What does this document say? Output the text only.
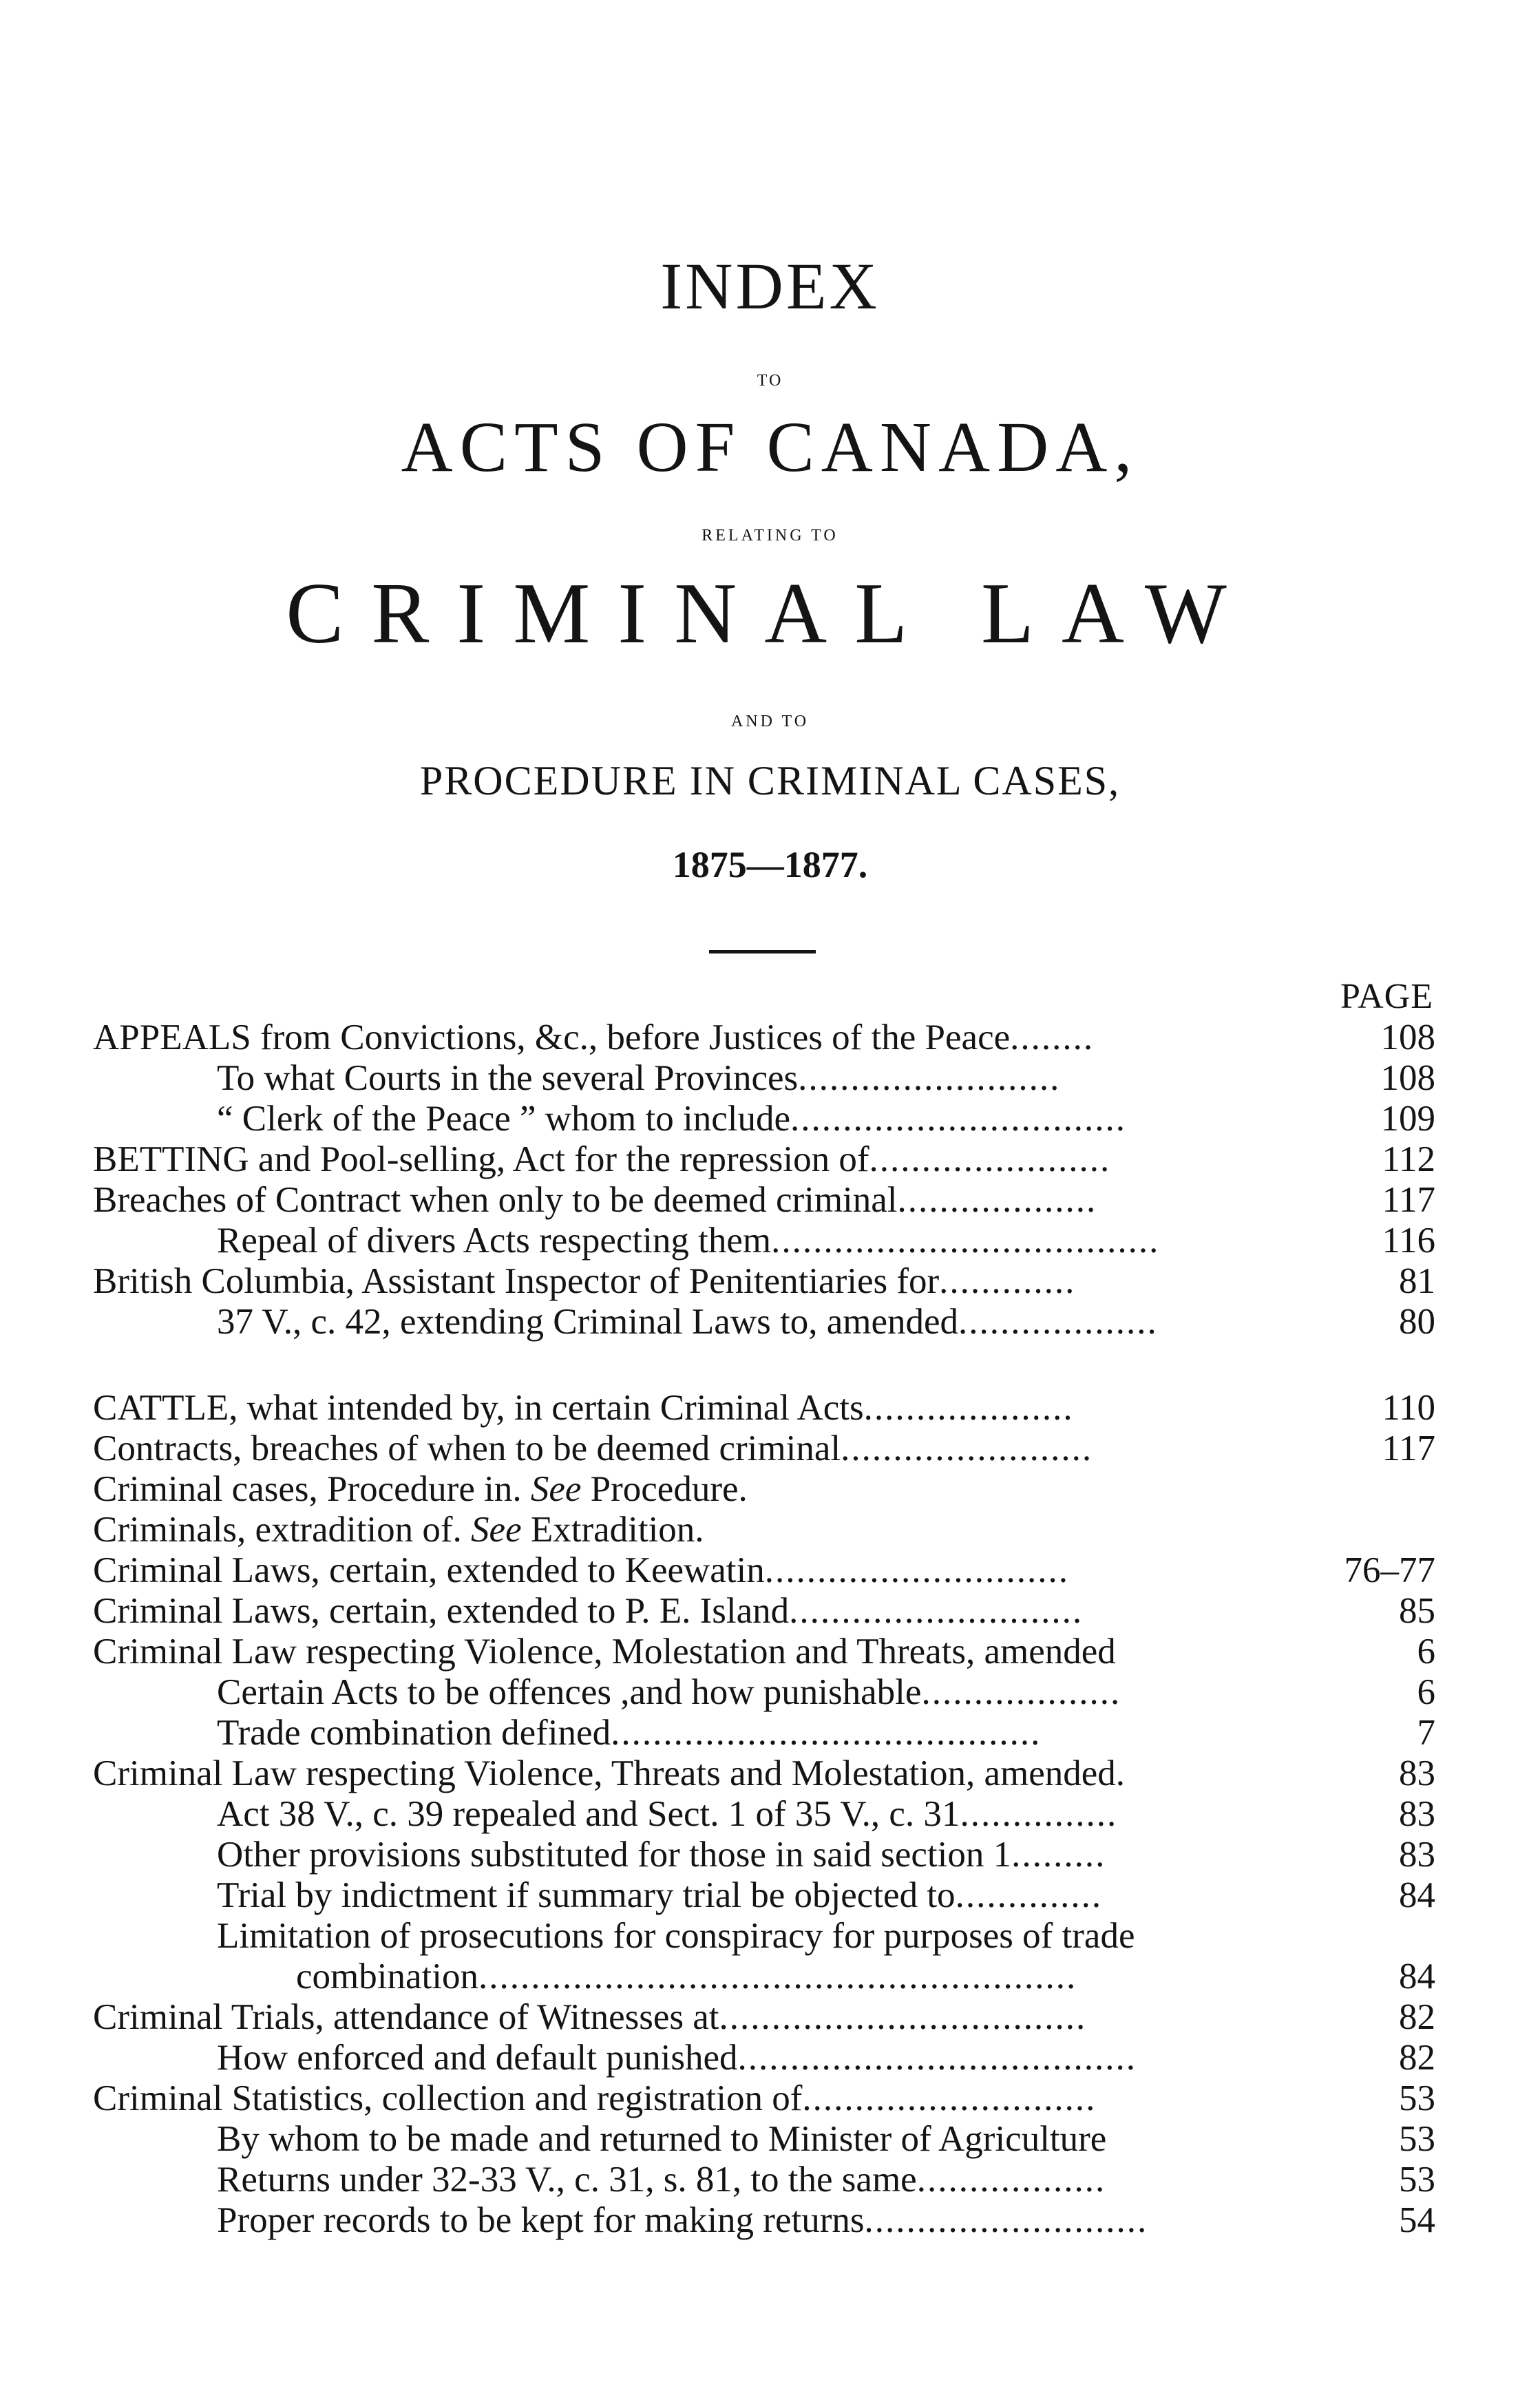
INDEX
TO
ACTS OF CANADA,
RELATING TO
CRIMINAL LAW
AND TO
PROCEDURE IN CRIMINAL CASES,
1875—1877.
PAGE
APPEALS from Convictions, &c., before Justices of the Peace........	108
To what Courts in the several Provinces.........................	108
“ Clerk of the Peace ” whom to include................................	109
BETTING and Pool-selling, Act for the repression of.......................	112
Breaches of Contract when only to be deemed criminal...................	117
Repeal of divers Acts respecting them.....................................	116
British Columbia, Assistant Inspector of Penitentiaries for.............	81
37 V., c. 42, extending Criminal Laws to, amended...................	80
CATTLE, what intended by, in certain Criminal Acts....................	110
Contracts, breaches of when to be deemed criminal........................	117
Criminal cases, Procedure in. See Procedure.
Criminals, extradition of. See Extradition.
Criminal Laws, certain, extended to Keewatin.............................	76–77
Criminal Laws, certain, extended to P. E. Island............................	85
Criminal Law respecting Violence, Molestation and Threats, amended	6
Certain Acts to be offences ,and how punishable...................	6
Trade combination defined.........................................	7
Criminal Law respecting Violence, Threats and Molestation, amended.	83
Act 38 V., c. 39 repealed and Sect. 1 of 35 V., c. 31...............	83
Other provisions substituted for those in said section 1.........	83
Trial by indictment if summary trial be objected to..............	84
Limitation of prosecutions for conspiracy for purposes of trade
combination.........................................................	84
Criminal Trials, attendance of Witnesses at...................................	82
How enforced and default punished......................................	82
Criminal Statistics, collection and registration of............................	53
By whom to be made and returned to Minister of Agriculture	53
Returns under 32-33 V., c. 31, s. 81, to the same..................	53
Proper records to be kept for making returns...........................	54
